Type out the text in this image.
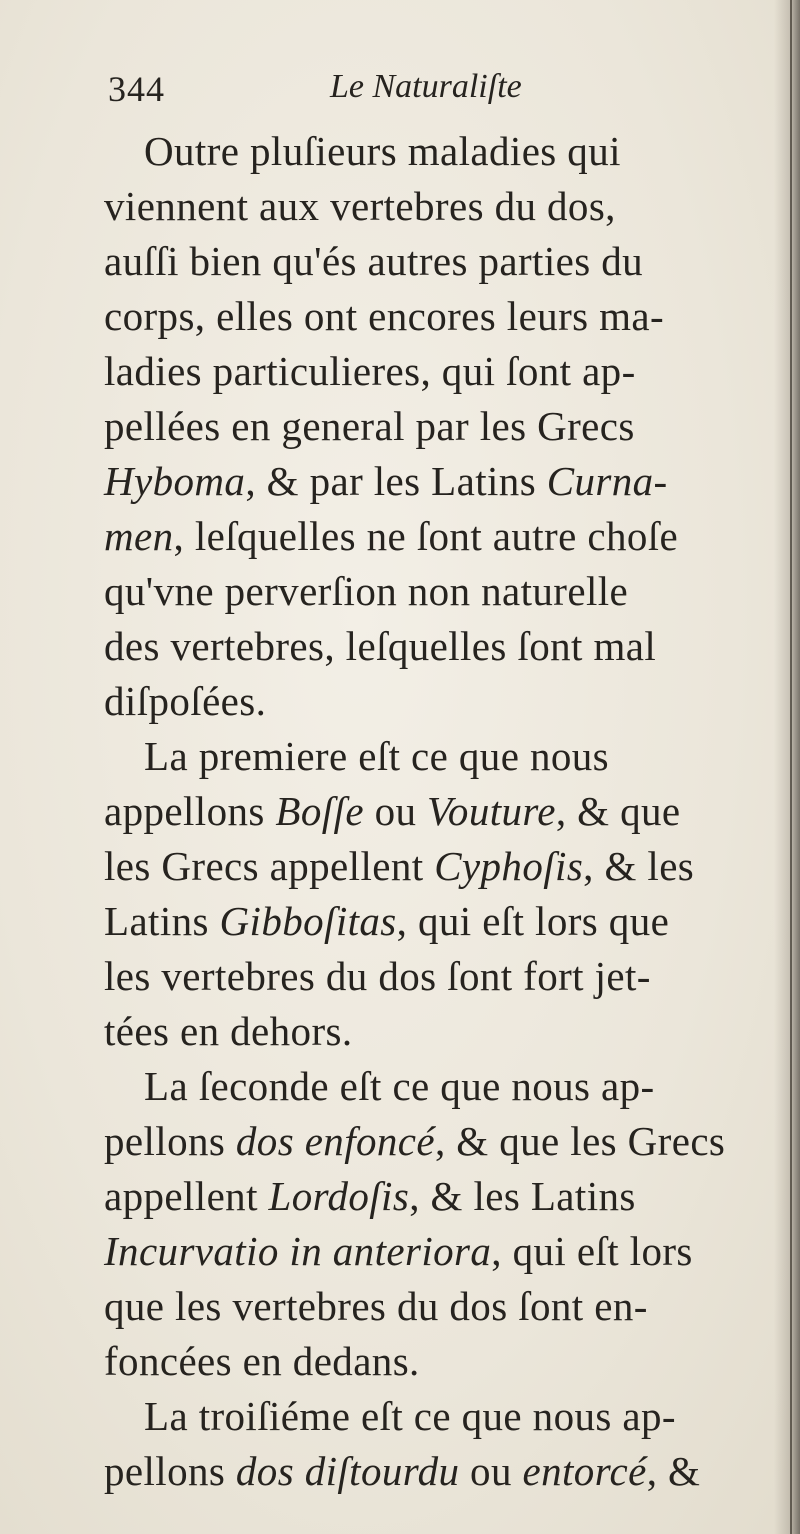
344	Le Naturaliſte
Outre pluſieurs maladies qui
viennent aux vertebres du dos,
auſſi bien qu'és autres parties du
corps, elles ont encores leurs ma-
ladies particulieres, qui ſont ap-
pellées en general par les Grecs
Hyboma, & par les Latins Curna-
men, leſquelles ne ſont autre choſe
qu'vne perverſion non naturelle
des vertebres, leſquelles ſont mal
diſpoſées.
La premiere eſt ce que nous
appellons Boſſe ou Vouture, & que
les Grecs appellent Cyphoſis, & les
Latins Gibboſitas, qui eſt lors que
les vertebres du dos ſont fort jet-
tées en dehors.
La ſeconde eſt ce que nous ap-
pellons dos enfoncé, & que les Grecs
appellent Lordoſis, & les Latins
Incurvatio in anteriora, qui eſt lors
que les vertebres du dos ſont en-
foncées en dedans.
La troiſiéme eſt ce que nous ap-
pellons dos diſtourdu ou entorcé, &
